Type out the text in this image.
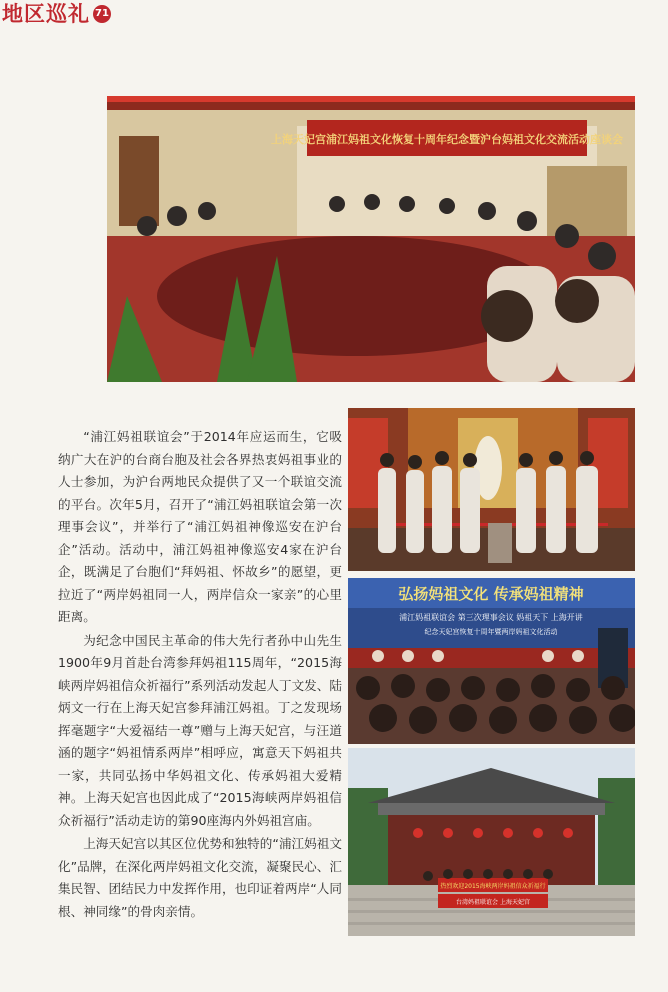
地区巡礼 71
上海天妃宫浦江妈祖文化恢复十周年纪念暨沪台妈祖文化交流活动座谈会
弘扬妈祖文化 传承妈祖精神
浦江妈祖联谊会 第三次理事会议 妈祖天下 上海开讲
纪念天妃宫恢复十周年暨两岸妈祖文化活动
热烈欢迎2015海峡两岸妈祖信众祈福行
台湾妈祖联谊会 上海天妃宫

“浦江妈祖联谊会”于2014年应运而生，它吸纳广大在沪的台商台胞及社会各界热衷妈祖事业的人士参加，为沪台两地民众提供了又一个联谊交流的平台。次年5月，召开了“浦江妈祖联谊会第一次理事会议”，并举行了“浦江妈祖神像巡安在沪台企”活动。活动中，浦江妈祖神像巡安4家在沪台企，既满足了台胞们“拜妈祖、怀故乡”的愿望，更拉近了“两岸妈祖同一人，两岸信众一家亲”的心里距离。

为纪念中国民主革命的伟大先行者孙中山先生1900年9月首赴台湾参拜妈祖115周年，“2015海峡两岸妈祖信众祈福行”系列活动发起人丁文发、陆炳文一行在上海天妃宫参拜浦江妈祖。丁之发现场挥毫题字“大爱福结一尊”赠与上海天妃宫，与汪道涵的题字“妈祖情系两岸”相呼应，寓意天下妈祖共一家，共同弘扬中华妈祖文化、传承妈祖大爱精神。上海天妃宫也因此成了“2015海峡两岸妈祖信众祈福行”活动走访的第90座海内外妈祖宫庙。

上海天妃宫以其区位优势和独特的“浦江妈祖文化”品牌，在深化两岸妈祖文化交流，凝聚民心、汇集民智、团结民力中发挥作用，也印证着两岸“人同根、神同缘”的骨肉亲情。
